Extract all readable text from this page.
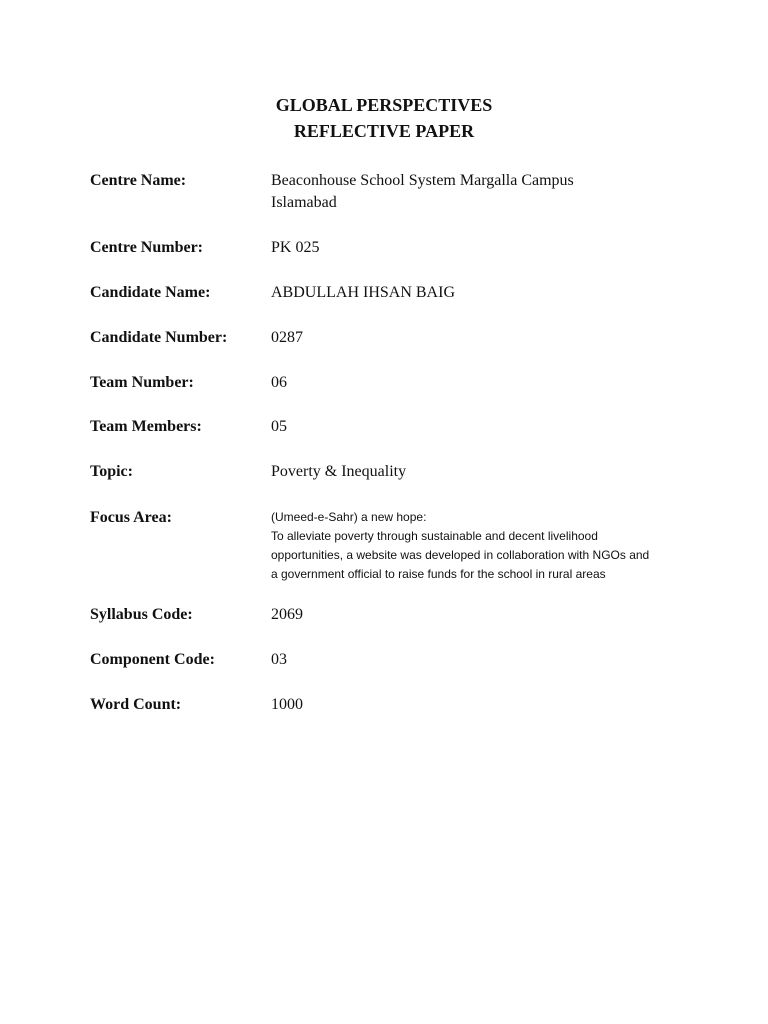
GLOBAL PERSPECTIVES
REFLECTIVE PAPER
Centre Name:	Beaconhouse School System Margalla Campus
Islamabad
Centre Number:	PK 025
Candidate Name:	ABDULLAH IHSAN BAIG
Candidate Number:	0287
Team Number:	06
Team Members:	05
Topic:	Poverty & Inequality
Focus Area:	(Umeed-e-Sahr) a new hope:
To alleviate poverty through sustainable and decent livelihood
opportunities, a website was developed in collaboration with NGOs and
a government official to raise funds for the school in rural areas
Syllabus Code:	2069
Component Code:	03
Word Count:	1000
